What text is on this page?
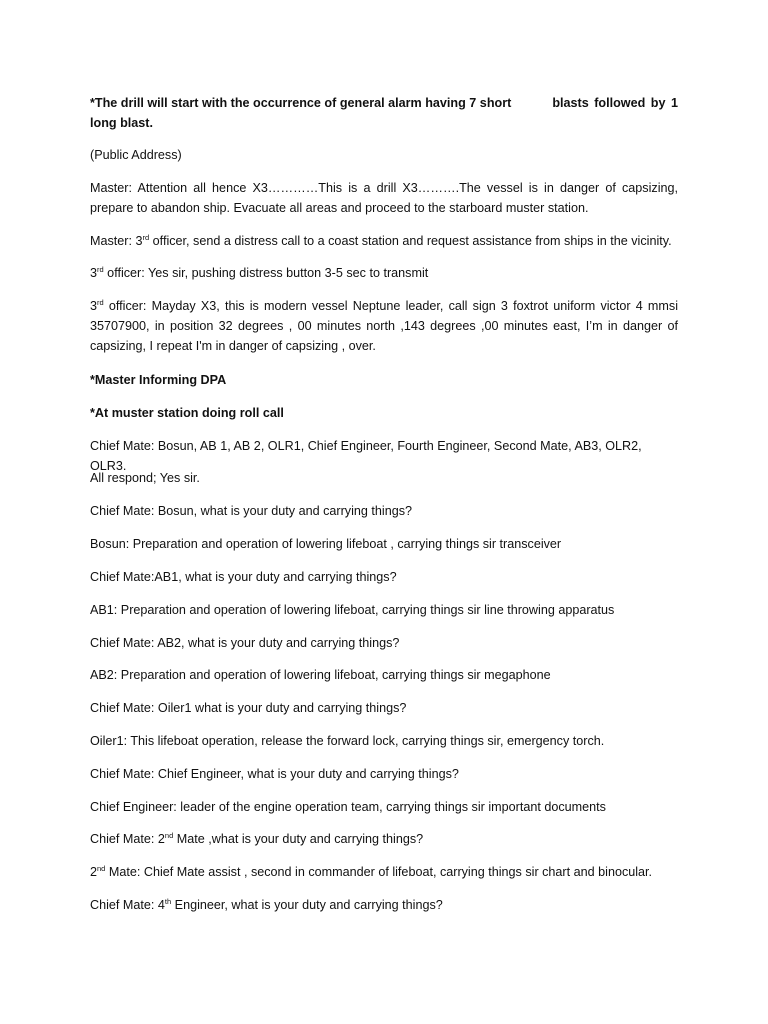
*The drill will start with the occurrence of general alarm having 7 short	blasts followed by 1

long blast.

(Public Address)

Master: Attention all hence X3…………This is a drill X3……….The vessel is in danger of capsizing, prepare to abandon ship. Evacuate all areas and proceed to the starboard muster station.

Master: 3rd officer, send a distress call to a coast station and request assistance from ships in the vicinity.

3rd officer: Yes sir, pushing distress button 3-5 sec to transmit

3rd officer: Mayday X3, this is modern vessel Neptune leader, call sign 3 foxtrot uniform victor 4 mmsi 35707900, in position 32 degrees , 00 minutes north ,143 degrees ,00 minutes east, I’m in danger of capsizing, I repeat I'm in danger of capsizing , over.

*Master Informing DPA

*At muster station doing roll call

Chief Mate: Bosun, AB 1, AB 2, OLR1, Chief Engineer, Fourth Engineer, Second Mate, AB3, OLR2, OLR3.

All respond; Yes sir.

Chief Mate: Bosun, what is your duty and carrying things?

Bosun: Preparation and operation of lowering lifeboat , carrying things sir transceiver

Chief Mate:AB1, what is your duty and carrying things?

AB1: Preparation and operation of lowering lifeboat, carrying things sir line throwing apparatus

Chief Mate: AB2, what is your duty and carrying things?

AB2: Preparation and operation of lowering lifeboat, carrying things sir megaphone

Chief Mate: Oiler1 what is your duty and carrying things?

Oiler1: This lifeboat operation, release the forward lock, carrying things sir, emergency torch.

Chief Mate: Chief Engineer, what is your duty and carrying things?

Chief Engineer: leader of the engine operation team, carrying things sir important documents

Chief Mate: 2nd Mate ,what is your duty and carrying things?

2nd Mate: Chief Mate assist , second in commander of lifeboat, carrying things sir chart and binocular.

Chief Mate: 4th Engineer, what is your duty and carrying things?
